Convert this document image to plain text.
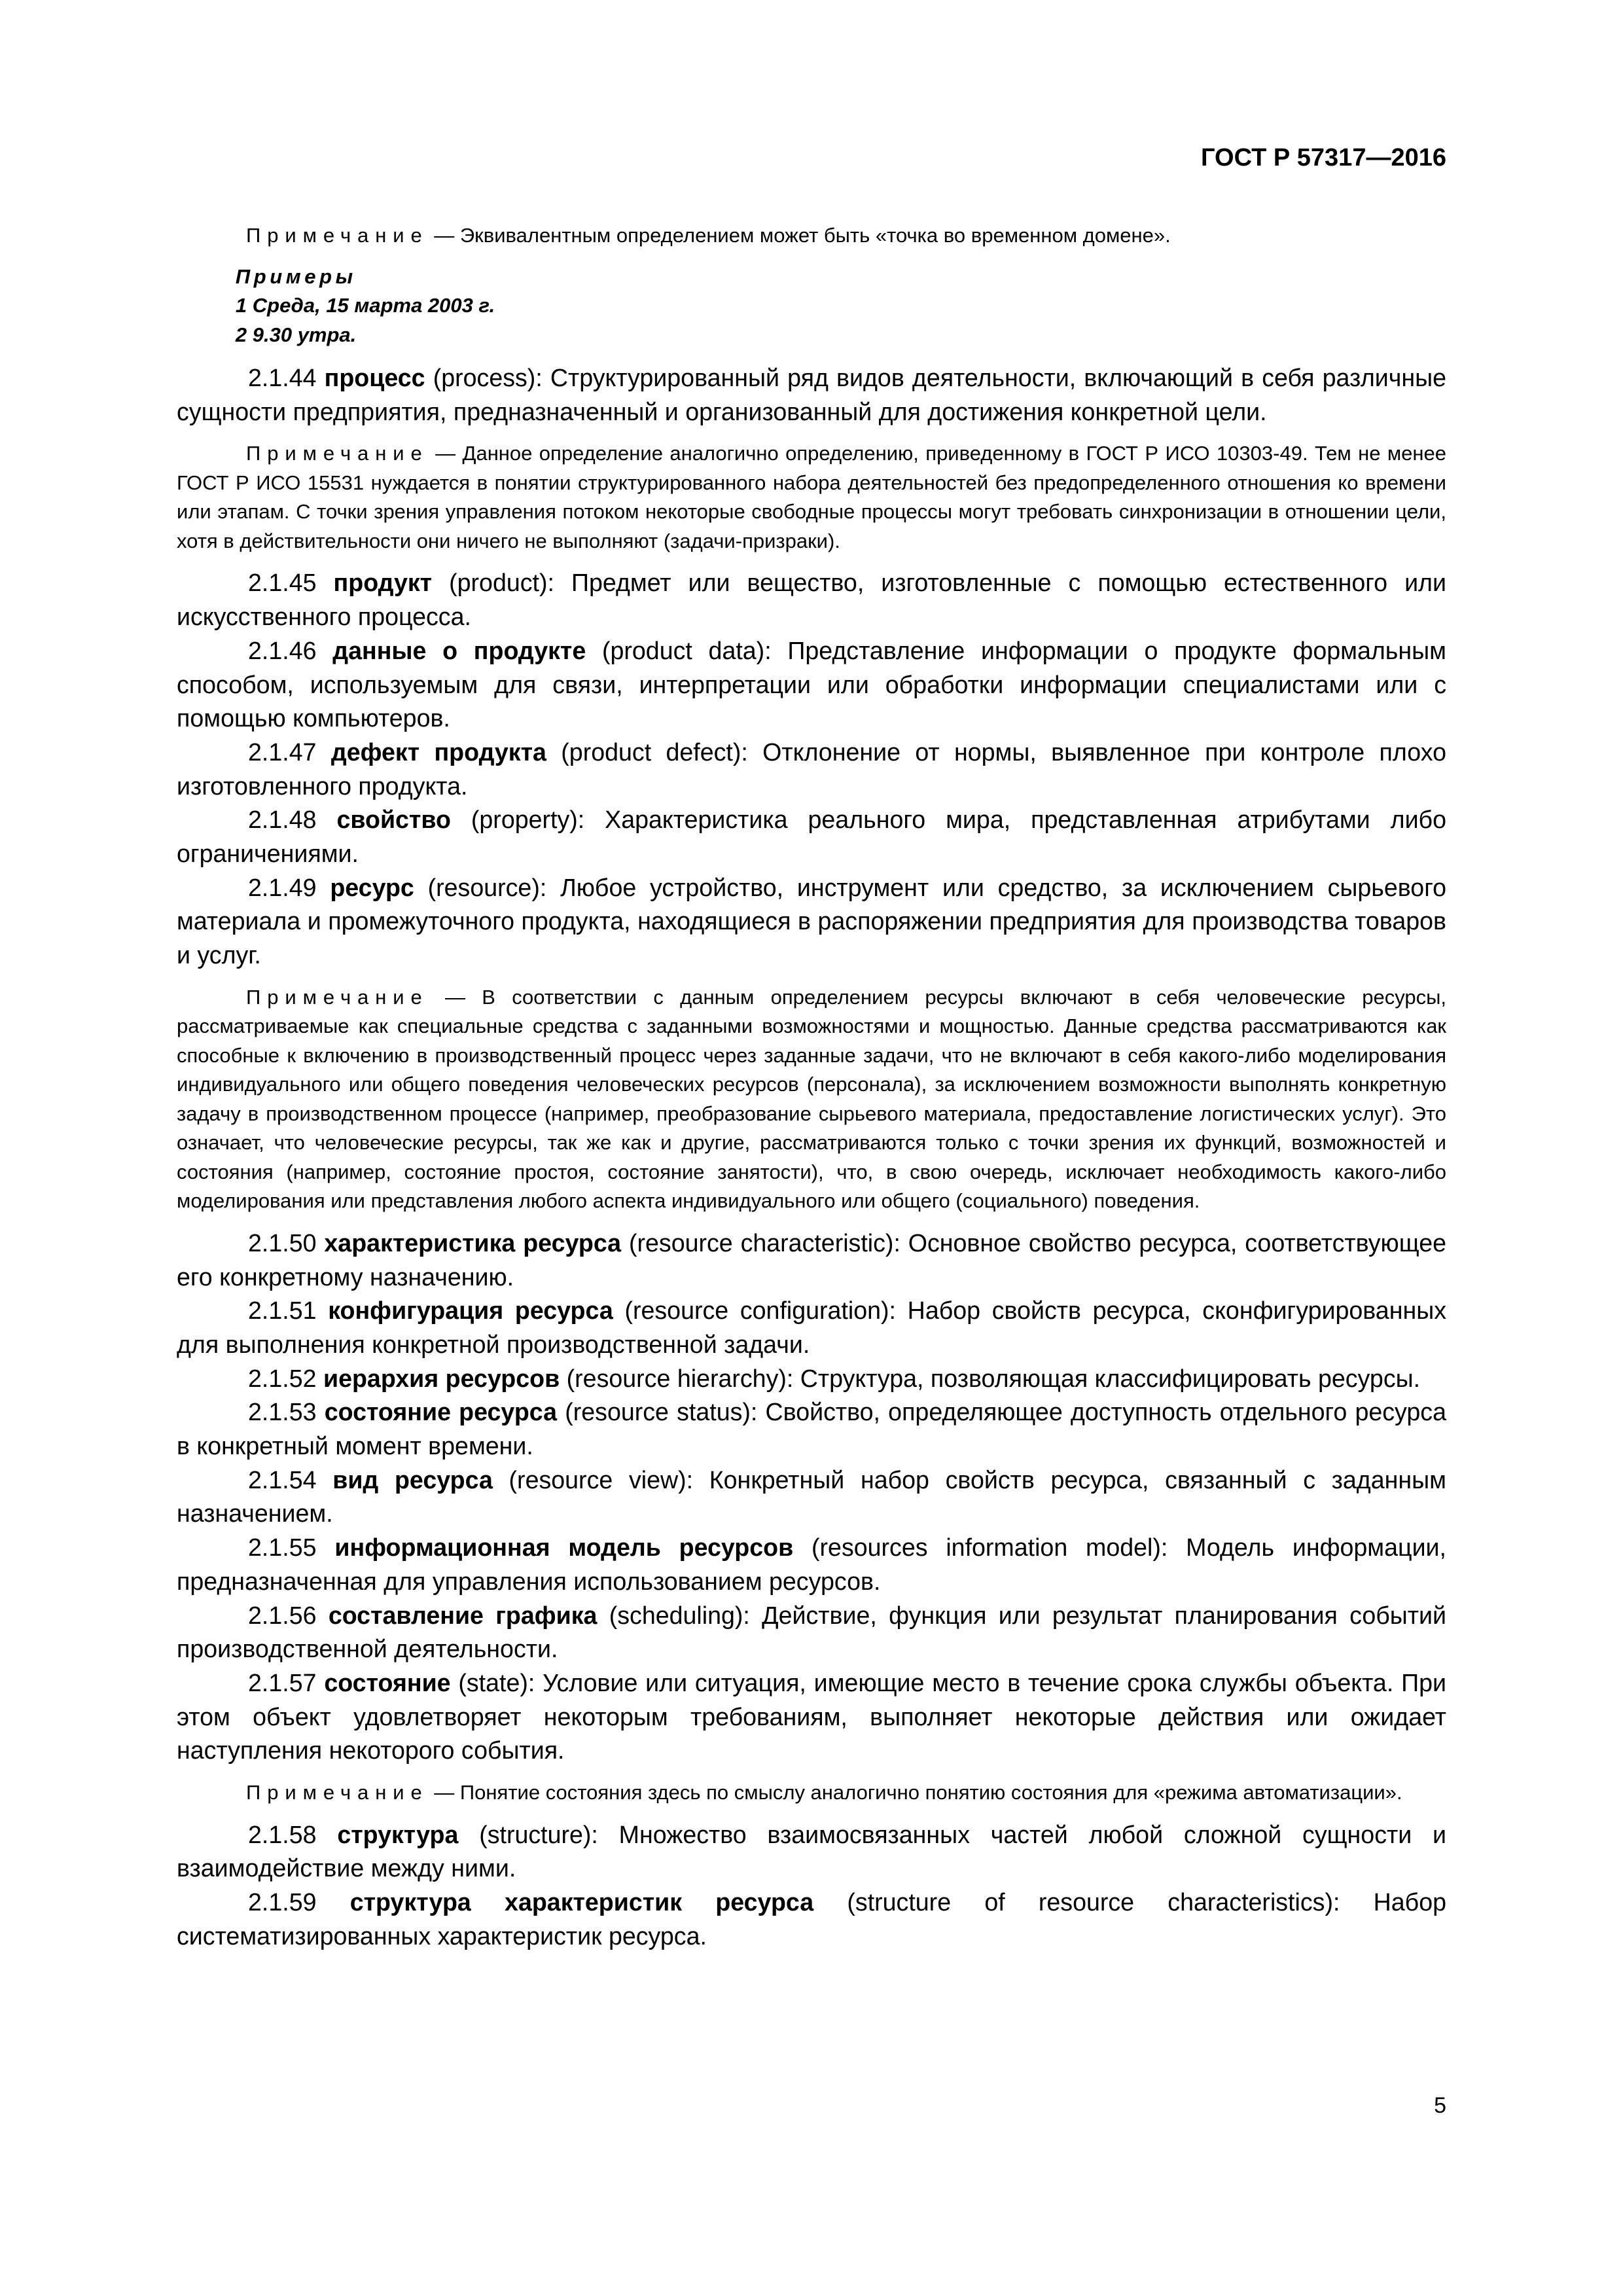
ГОСТ Р 57317—2016

Примечание — Эквивалентным определением может быть «точка во временном домене».

Примеры
1 Среда, 15 марта 2003 г.
2 9.30 утра.

2.1.44 процесс (process): Структурированный ряд видов деятельности, включающий в себя различные сущности предприятия, предназначенный и организованный для достижения конкретной цели.

Примечание — Данное определение аналогично определению, приведенному в ГОСТ Р ИСО 10303-49. Тем не менее ГОСТ Р ИСО 15531 нуждается в понятии структурированного набора деятельностей без предопределенного отношения ко времени или этапам. С точки зрения управления потоком некоторые свободные процессы могут требовать синхронизации в отношении цели, хотя в действительности они ничего не выполняют (задачи-призраки).

2.1.45 продукт (product): Предмет или вещество, изготовленные с помощью естественного или искусственного процесса.

2.1.46 данные о продукте (product data): Представление информации о продукте формальным способом, используемым для связи, интерпретации или обработки информации специалистами или с помощью компьютеров.

2.1.47 дефект продукта (product defect): Отклонение от нормы, выявленное при контроле плохо изготовленного продукта.

2.1.48 свойство (property): Характеристика реального мира, представленная атрибутами либо ограничениями.

2.1.49 ресурс (resource): Любое устройство, инструмент или средство, за исключением сырьевого материала и промежуточного продукта, находящиеся в распоряжении предприятия для производства товаров и услуг.

Примечание — В соответствии с данным определением ресурсы включают в себя человеческие ресурсы, рассматриваемые как специальные средства с заданными возможностями и мощностью. Данные средства рассматриваются как способные к включению в производственный процесс через заданные задачи, что не включают в себя какого-либо моделирования индивидуального или общего поведения человеческих ресурсов (персонала), за исключением возможности выполнять конкретную задачу в производственном процессе (например, преобразование сырьевого материала, предоставление логистических услуг). Это означает, что человеческие ресурсы, так же как и другие, рассматриваются только с точки зрения их функций, возможностей и состояния (например, состояние простоя, состояние занятости), что, в свою очередь, исключает необходимость какого-либо моделирования или представления любого аспекта индивидуального или общего (социального) поведения.

2.1.50 характеристика ресурса (resource characteristic): Основное свойство ресурса, соответствующее его конкретному назначению.

2.1.51 конфигурация ресурса (resource configuration): Набор свойств ресурса, сконфигурированных для выполнения конкретной производственной задачи.

2.1.52 иерархия ресурсов (resource hierarchy): Структура, позволяющая классифицировать ресурсы.

2.1.53 состояние ресурса (resource status): Свойство, определяющее доступность отдельного ресурса в конкретный момент времени.

2.1.54 вид ресурса (resource view): Конкретный набор свойств ресурса, связанный с заданным назначением.

2.1.55 информационная модель ресурсов (resources information model): Модель информации, предназначенная для управления использованием ресурсов.

2.1.56 составление графика (scheduling): Действие, функция или результат планирования событий производственной деятельности.

2.1.57 состояние (state): Условие или ситуация, имеющие место в течение срока службы объекта. При этом объект удовлетворяет некоторым требованиям, выполняет некоторые действия или ожидает наступления некоторого события.

Примечание — Понятие состояния здесь по смыслу аналогично понятию состояния для «режима автоматизации».

2.1.58 структура (structure): Множество взаимосвязанных частей любой сложной сущности и взаимодействие между ними.

2.1.59 структура характеристик ресурса (structure of resource characteristics): Набор систематизированных характеристик ресурса.

5
